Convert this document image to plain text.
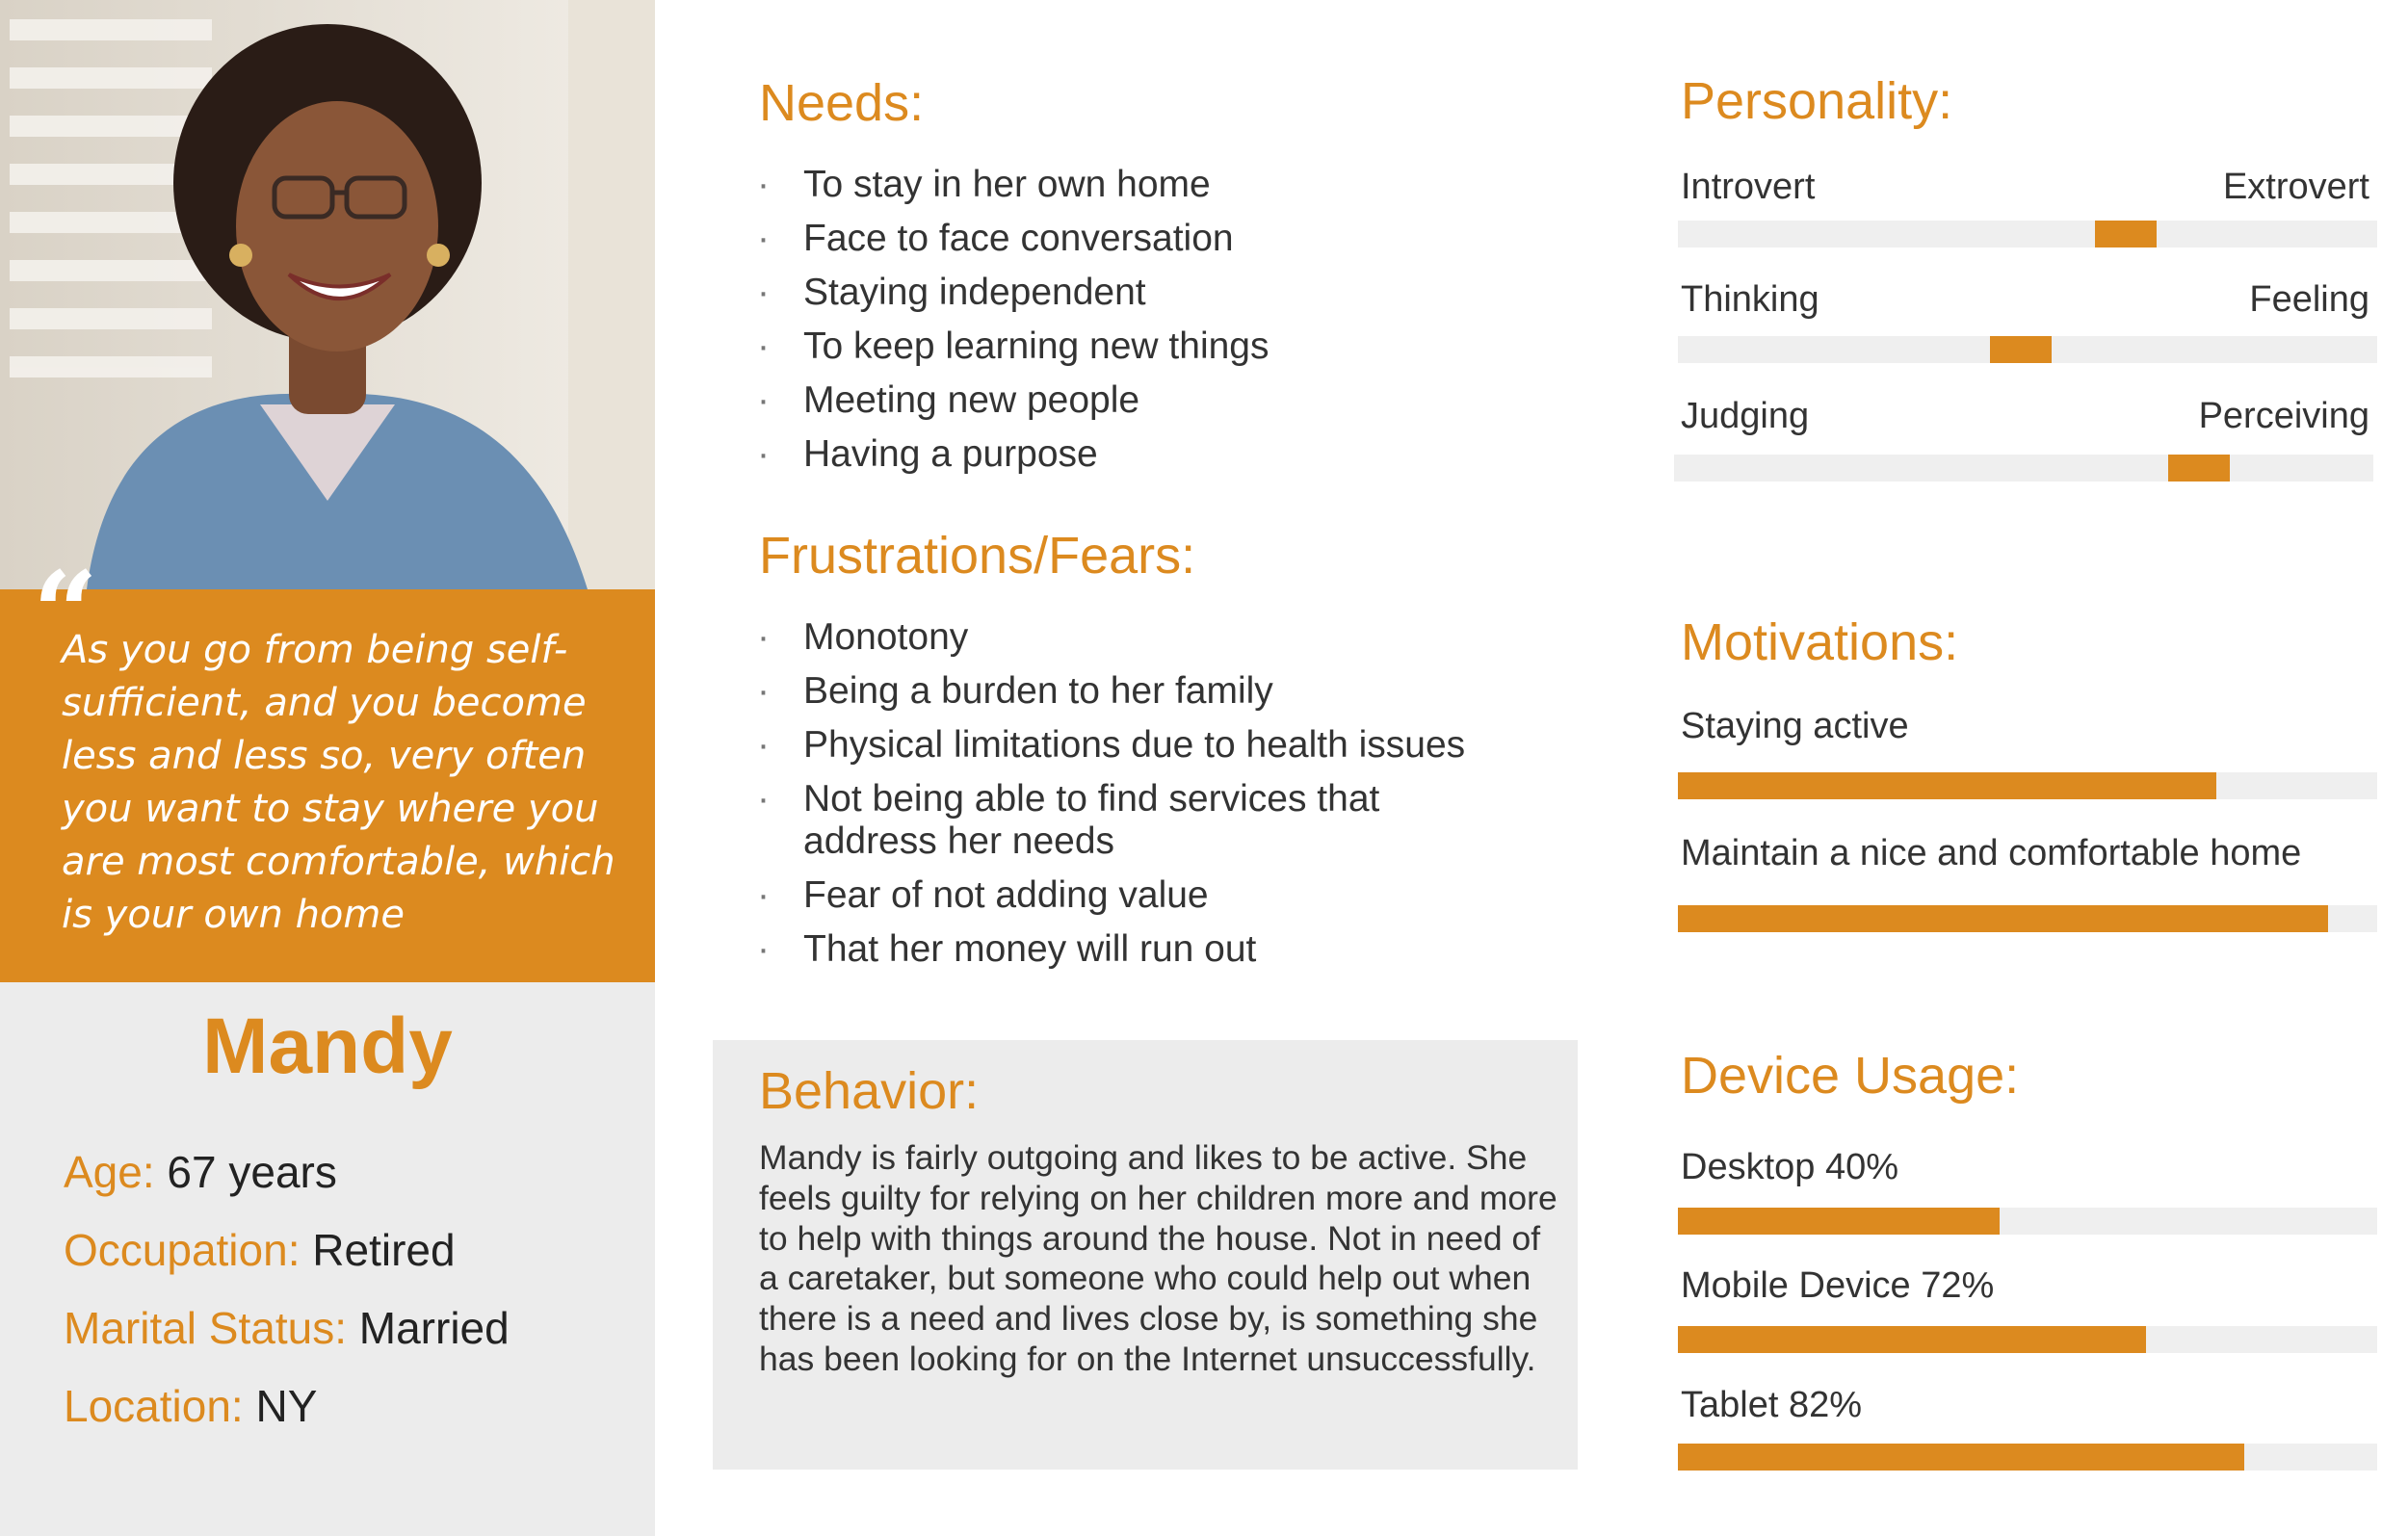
“
As you go from being self-sufficient, and you become less and less so, very often you want to stay where you are most comfortable, which is your own home
Mandy
Age: 67 years
Occupation: Retired
Marital Status: Married
Location: NY
Needs:
· To stay in her own home
· Face to face conversation
· Staying independent
· To keep learning new things
· Meeting new people
· Having a purpose
Frustrations/Fears:
· Monotony
· Being a burden to her family
· Physical limitations due to health issues
· Not being able to find services that address her needs
· Fear of not adding value
· That her money will run out
Behavior:
Mandy is fairly outgoing and likes to be active. She feels guilty for relying on her children more and more to help with things around the house. Not in need of a caretaker, but someone who could help out when there is a need and lives close by, is something she has been looking for on the Internet unsuccessfully.
Personality:
Introvert	Extrovert
Thinking	Feeling
Judging	Perceiving
Motivations:
Staying active
Maintain a nice and comfortable home
Device Usage:
Desktop 40%
Mobile Device 72%
Tablet 82%
